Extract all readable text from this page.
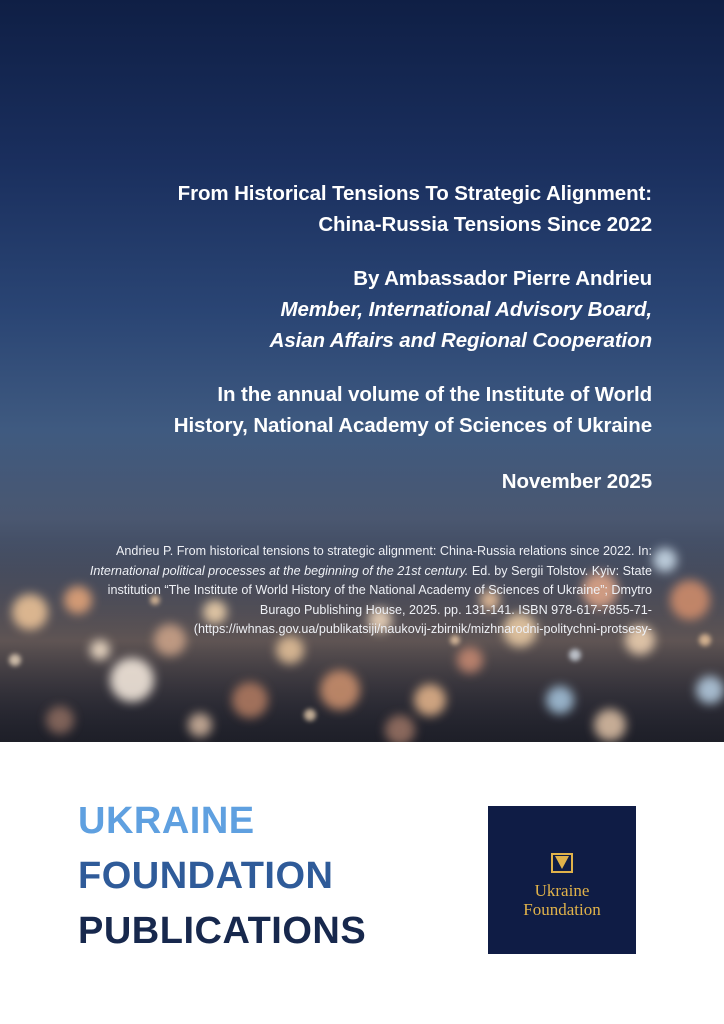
From Historical Tensions To Strategic Alignment:
China-Russia Tensions Since 2022
By Ambassador Pierre Andrieu
Member, International Advisory Board,
Asian Affairs and Regional Cooperation
In the annual volume of the Institute of World
History, National Academy of Sciences of Ukraine
November 2025
Andrieu P. From historical tensions to strategic alignment: China-Russia relations since 2022. In: International political processes at the beginning of the 21st century. Ed. by Sergii Tolstov. Kyiv: State institution “The Institute of World History of the National Academy of Sciences of Ukraine”; Dmytro Burago Publishing House, 2025. pp. 131-141. ISBN 978-617-7855-71-
(https://iwhnas.gov.ua/publikatsiji/naukovij-zbirnik/mizhnarodni-politychni-protsesy-
UKRAINE
FOUNDATION
PUBLICATIONS
Ukraine
Foundation
